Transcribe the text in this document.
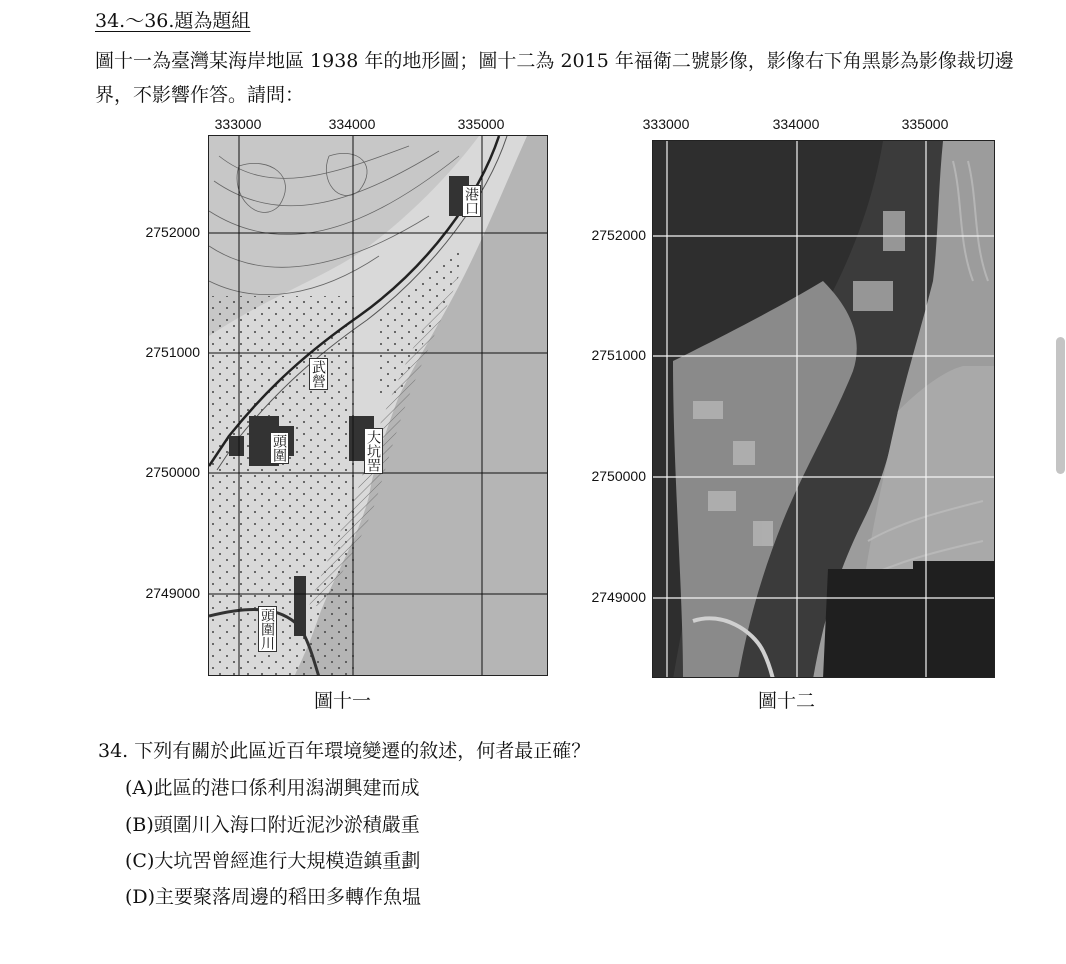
34.～36.題為題組

圖十一為臺灣某海岸地區 1938 年的地形圖；圖十二為 2015 年福衛二號影像，影像右下角黑影為影像裁切邊界，不影響作答。請問：

333000	334000	335000
2752000
2751000
2750000
2749000
港口
武營
頭圍	大坑罟
頭圍川
圖十一
333000	334000	335000
2752000
2751000
2750000
2749000
圖十二

34. 下列有關於此區近百年環境變遷的敘述，何者最正確？

(A)此區的港口係利用潟湖興建而成

(B)頭圍川入海口附近泥沙淤積嚴重

(C)大坑罟曾經進行大規模造鎮重劃

(D)主要聚落周邊的稻田多轉作魚塭
